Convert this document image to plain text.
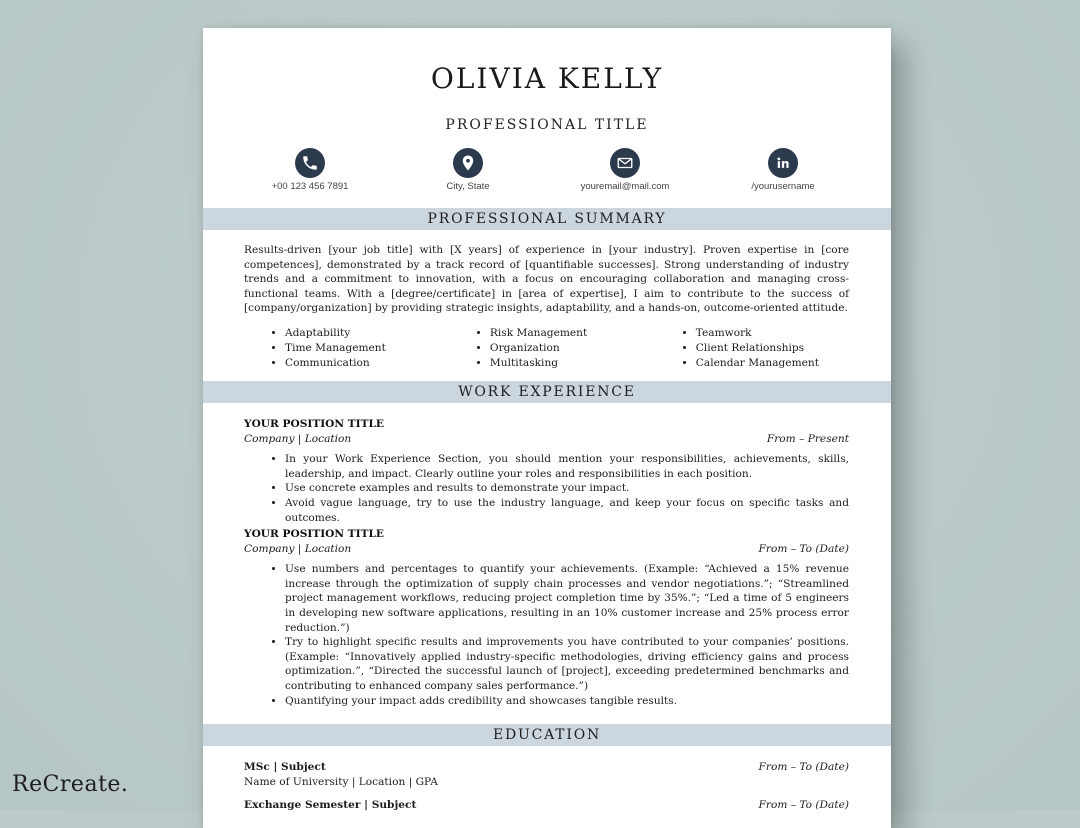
OLIVIA KELLY
PROFESSIONAL TITLE
+00 123 456 7891	City, State	youremail@mail.com	/yourusername
PROFESSIONAL SUMMARY
Results-driven [your job title] with [X years] of experience in [your industry]. Proven expertise in [core competences], demonstrated by a track record of [quantifiable successes]. Strong understanding of industry trends and a commitment to innovation, with a focus on encouraging collaboration and managing cross-functional teams. With a [degree/certificate] in [area of expertise], I aim to contribute to the success of [company/organization] by providing strategic insights, adaptability, and a hands-on, outcome-oriented attitude.
• Adaptability
• Time Management
• Communication
• Risk Management
• Organization
• Multitasking
• Teamwork
• Client Relationships
• Calendar Management
WORK EXPERIENCE
YOUR POSITION TITLE
Company | Location	From – Present
• In your Work Experience Section, you should mention your responsibilities, achievements, skills, leadership, and impact. Clearly outline your roles and responsibilities in each position.
• Use concrete examples and results to demonstrate your impact.
• Avoid vague language, try to use the industry language, and keep your focus on specific tasks and outcomes.
YOUR POSITION TITLE
Company | Location	From – To (Date)
• Use numbers and percentages to quantify your achievements. (Example: “Achieved a 15% revenue increase through the optimization of supply chain processes and vendor negotiations.”; “Streamlined project management workflows, reducing project completion time by 35%.”; “Led a time of 5 engineers in developing new software applications, resulting in an 10% customer increase and 25% process error reduction.”)
• Try to highlight specific results and improvements you have contributed to your companies’ positions. (Example: “Innovatively applied industry-specific methodologies, driving efficiency gains and process optimization.”, “Directed the successful launch of [project], exceeding predetermined benchmarks and contributing to enhanced company sales performance.”)
• Quantifying your impact adds credibility and showcases tangible results.
EDUCATION
MSc | Subject	From – To (Date)
Name of University | Location | GPA
Exchange Semester | Subject	From – To (Date)
ReCreate.
